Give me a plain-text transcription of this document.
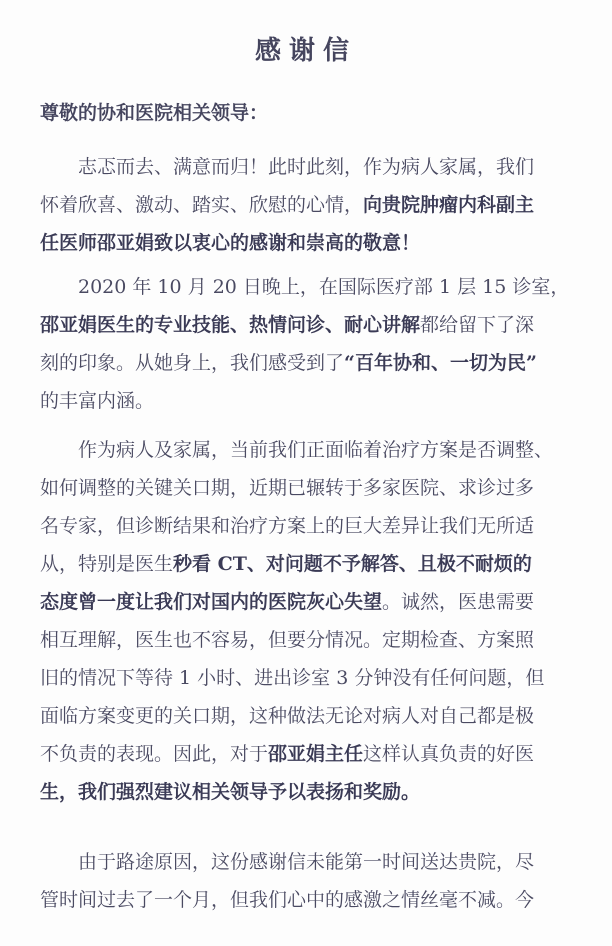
感谢信
尊敬的协和医院相关领导：
志忑而去、满意而归！此时此刻，作为病人家属，我们
怀着欣喜、激动、踏实、欣慰的心情，向贵院肿瘤内科副主
任医师邵亚娟致以衷心的感谢和崇高的敬意！
2020 年 10 月 20 日晚上，在国际医疗部 1 层 15 诊室，
邵亚娟医生的专业技能、热情问诊、耐心讲解都给留下了深
刻的印象。从她身上，我们感受到了“百年协和、一切为民”
的丰富内涵。
作为病人及家属，当前我们正面临着治疗方案是否调整、
如何调整的关键关口期，近期已辗转于多家医院、求诊过多
名专家，但诊断结果和治疗方案上的巨大差异让我们无所适
从，特别是医生秒看 CT、对问题不予解答、且极不耐烦的
态度曾一度让我们对国内的医院灰心失望。诚然，医患需要
相互理解，医生也不容易，但要分情况。定期检查、方案照
旧的情况下等待 1 小时、进出诊室 3 分钟没有任何问题，但
面临方案变更的关口期，这种做法无论对病人对自己都是极
不负责的表现。因此，对于邵亚娟主任这样认真负责的好医
生，我们强烈建议相关领导予以表扬和奖励。
由于路途原因，这份感谢信未能第一时间送达贵院，尽
管时间过去了一个月，但我们心中的感激之情丝毫不减。今
